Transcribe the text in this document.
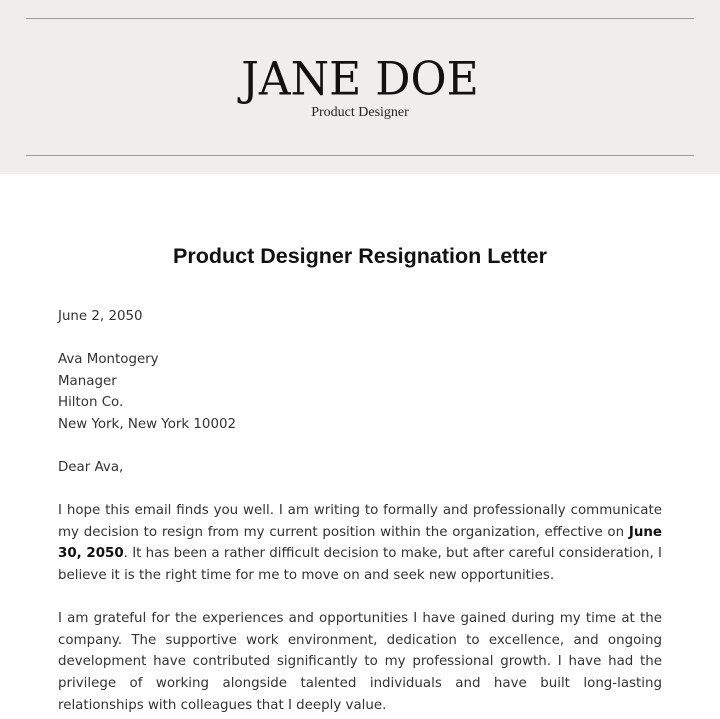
JANE DOE
Product Designer
Product Designer Resignation Letter
June 2, 2050
Ava Montogery
Manager
Hilton Co.
New York, New York 10002
Dear Ava,
I hope this email finds you well. I am writing to formally and professionally communicate my decision to resign from my current position within the organization, effective on June 30, 2050. It has been a rather difficult decision to make, but after careful consideration, I believe it is the right time for me to move on and seek new opportunities.
I am grateful for the experiences and opportunities I have gained during my time at the company. The supportive work environment, dedication to excellence, and ongoing development have contributed significantly to my professional growth. I have had the privilege of working alongside talented individuals and have built long-lasting relationships with colleagues that I deeply value.
